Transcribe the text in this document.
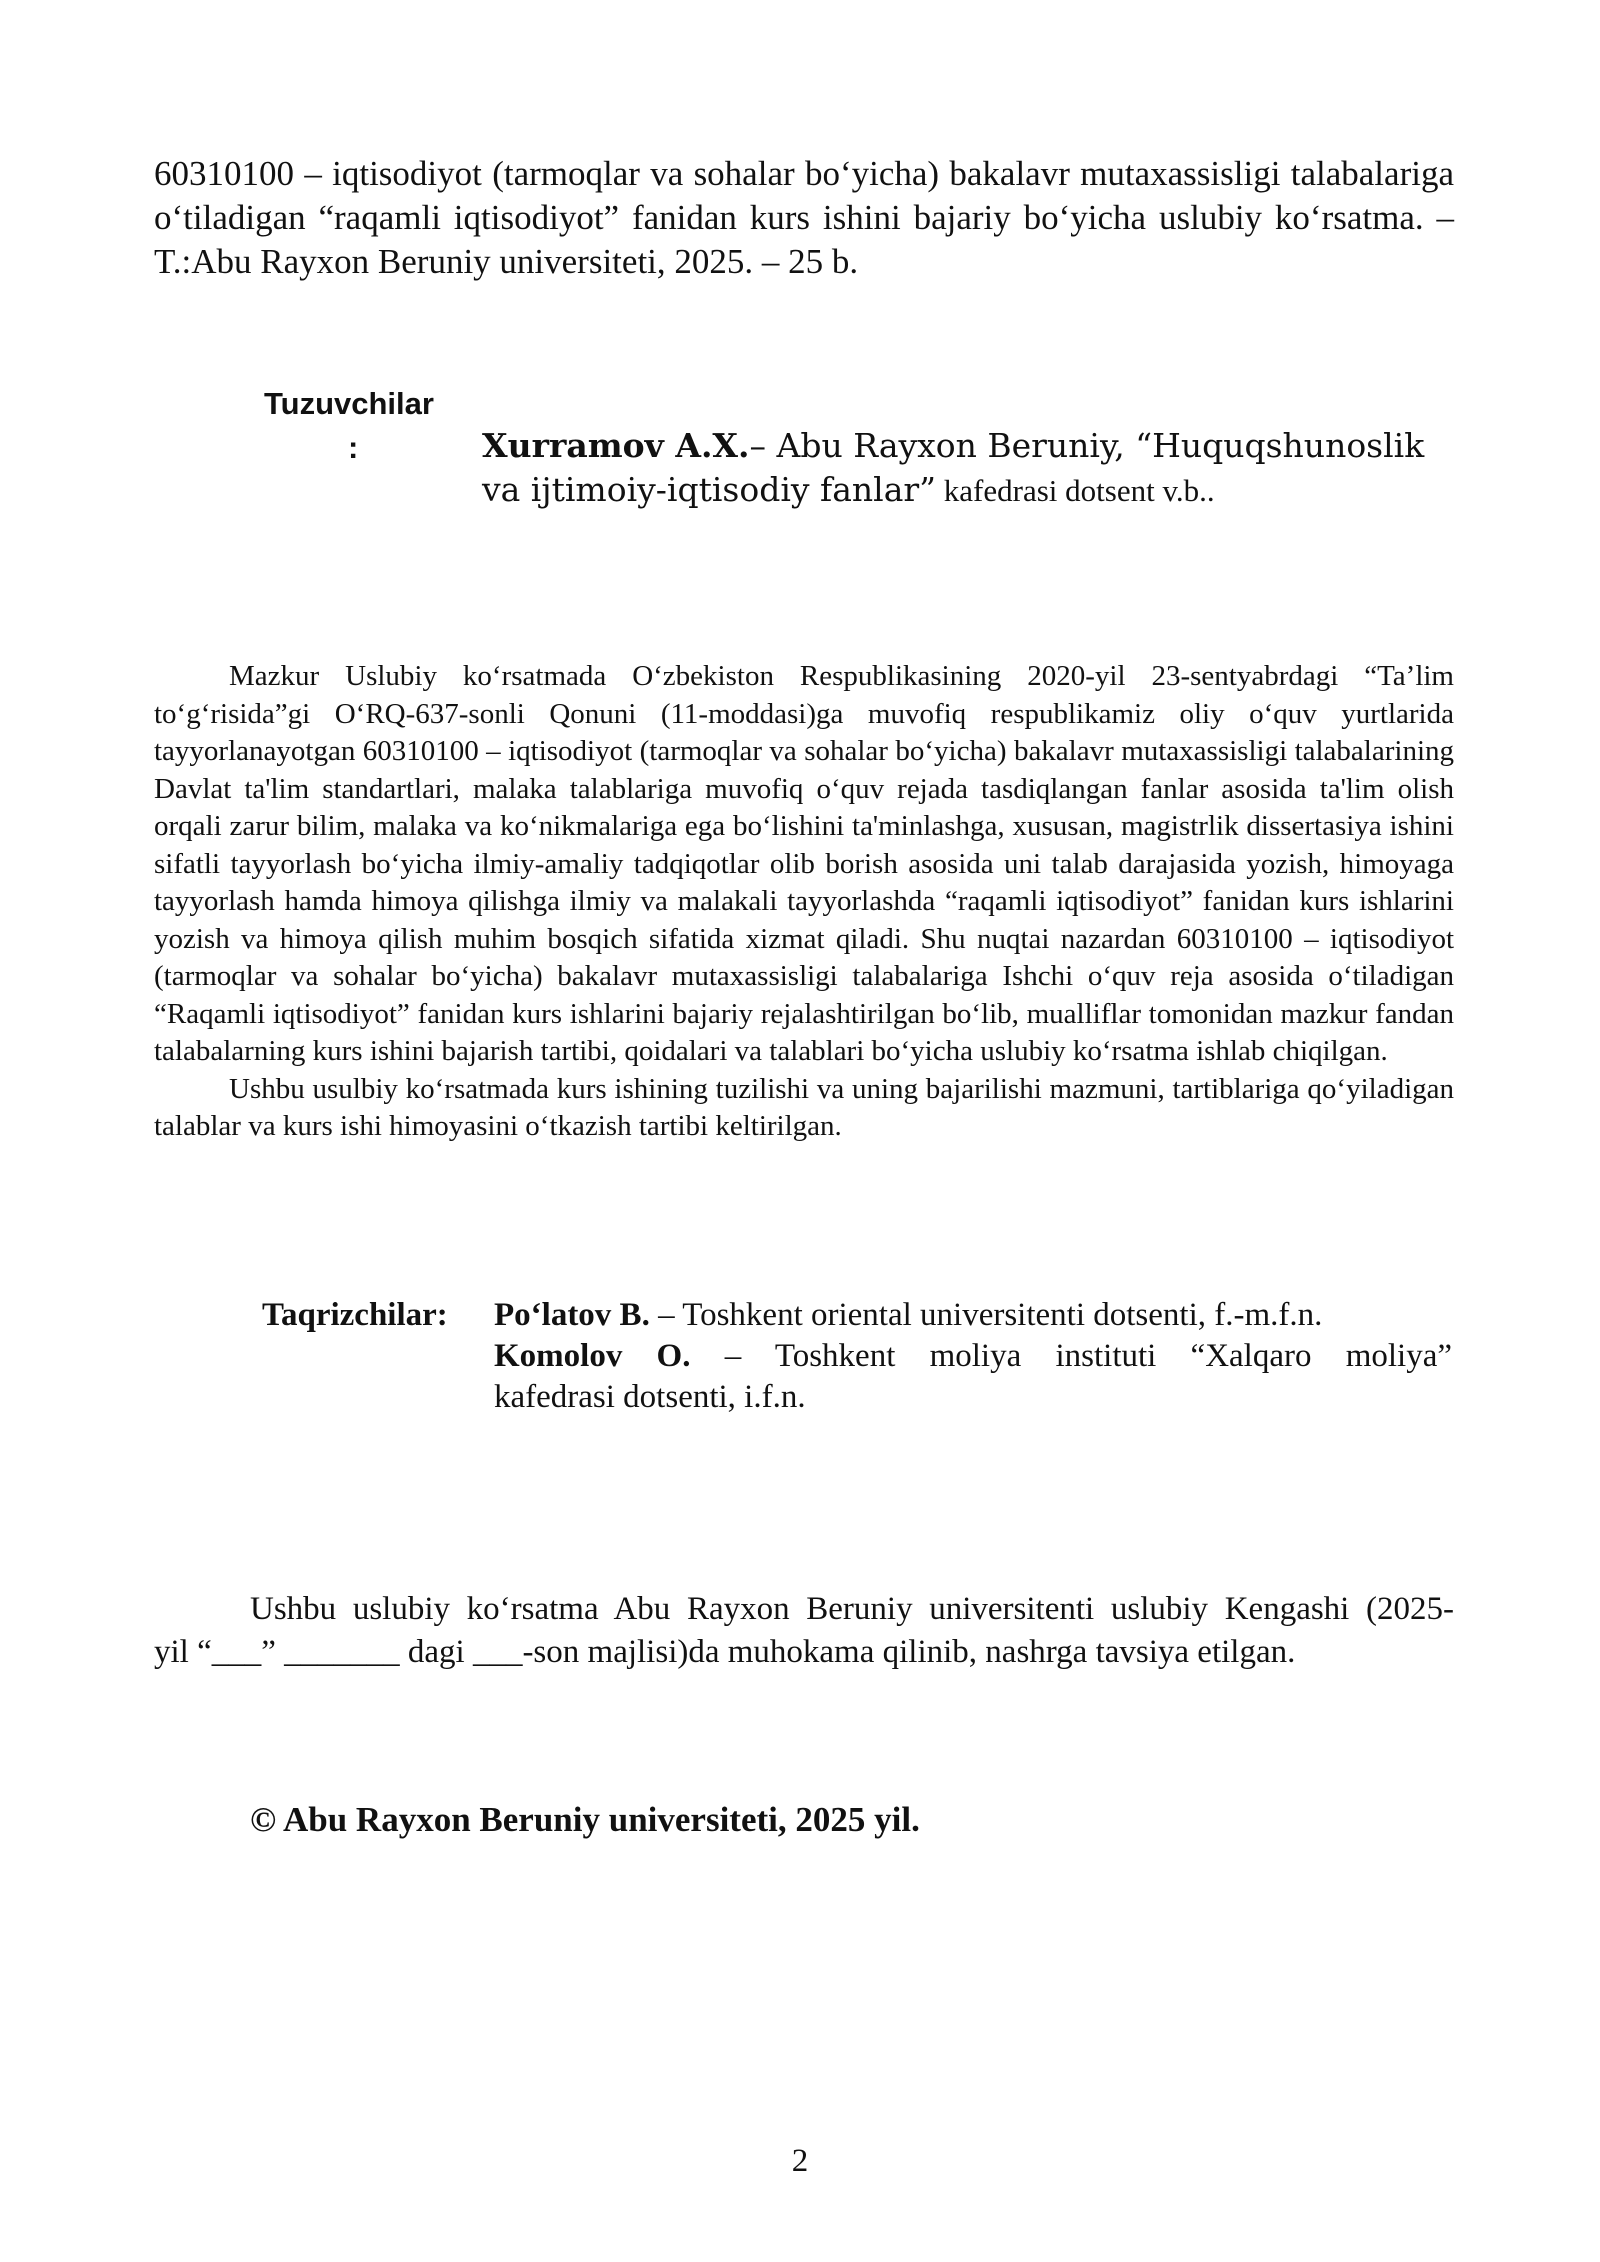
60310100 – iqtisodiyot (tarmoqlar va sohalar boʻyicha) bakalavr mutaxassisligi talabalariga oʻtiladigan “raqamli iqtisodiyot” fanidan kurs ishini bajariy boʻyicha uslubiy koʻrsatma. – T.:Abu Rayxon Beruniy universiteti, 2025. – 25 b.
Tuzuvchilar
:	Xurramov A.X.– Abu Rayxon Beruniy, “Huquqshunoslik va ijtimoiy-iqtisodiy fanlar” kafedrasi dotsent v.b..

Mazkur Uslubiy koʻrsatmada Oʻzbekiston Respublikasining 2020-yil 23-sentyabrdagi “Ta’lim toʻgʻrisida”gi OʻRQ-637-sonli Qonuni (11-moddasi)ga muvofiq respublikamiz oliy oʻquv yurtlarida tayyorlanayotgan 60310100 – iqtisodiyot (tarmoqlar va sohalar boʻyicha) bakalavr mutaxassisligi talabalarining Davlat ta'lim standartlari, malaka talablariga muvofiq oʻquv rejada tasdiqlangan fanlar asosida ta'lim olish orqali zarur bilim, malaka va koʻnikmalariga ega boʻlishini ta'minlashga, xususan, magistrlik dissertasiya ishini sifatli tayyorlash boʻyicha ilmiy-amaliy tadqiqotlar olib borish asosida uni talab darajasida yozish, himoyaga tayyorlash hamda himoya qilishga ilmiy va malakali tayyorlashda “raqamli iqtisodiyot” fanidan kurs ishlarini yozish va himoya qilish muhim bosqich sifatida xizmat qiladi. Shu nuqtai nazardan 60310100 – iqtisodiyot (tarmoqlar va sohalar boʻyicha) bakalavr mutaxassisligi talabalariga Ishchi oʻquv reja asosida oʻtiladigan “Raqamli iqtisodiyot” fanidan kurs ishlarini bajariy rejalashtirilgan boʻlib, mualliflar tomonidan mazkur fandan talabalarning kurs ishini bajarish tartibi, qoidalari va talablari boʻyicha uslubiy koʻrsatma ishlab chiqilgan.

Ushbu usulbiy koʻrsatmada kurs ishining tuzilishi va uning bajarilishi mazmuni, tartiblariga qoʻyiladigan talablar va kurs ishi himoyasini oʻtkazish tartibi keltirilgan.

Taqrizchilar: Poʻlatov B. – Toshkent oriental universitenti dotsenti, f.-m.f.n.
Komolov O. – Toshkent moliya instituti “Xalqaro moliya”
kafedrasi dotsenti, i.f.n.
Ushbu uslubiy koʻrsatma Abu Rayxon Beruniy universitenti uslubiy Kengashi (2025-
yil “___” _______ dagi ___-son majlisi)da muhokama qilinib, nashrga tavsiya etilgan.
© Abu Rayxon Beruniy universiteti, 2025 yil.
2
